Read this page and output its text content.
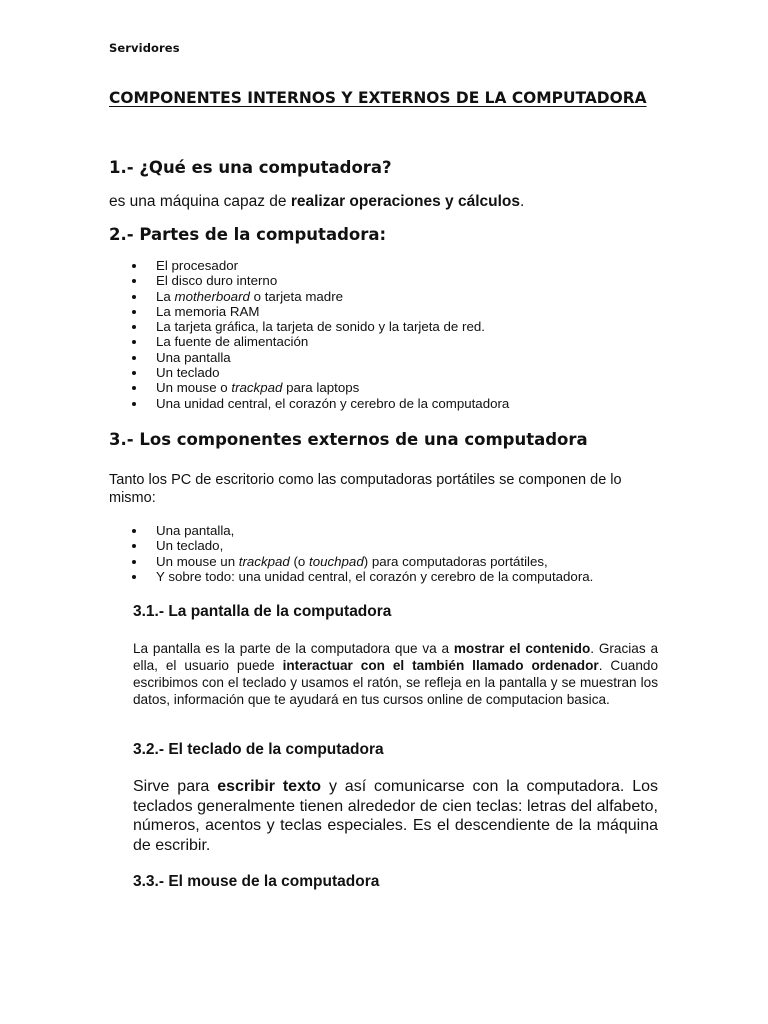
Servidores
COMPONENTES INTERNOS Y EXTERNOS DE LA COMPUTADORA
1.- ¿Qué es una computadora?
es una máquina capaz de realizar operaciones y cálculos.
2.- Partes de la computadora:
El procesador
El disco duro interno
La motherboard o tarjeta madre
La memoria RAM
La tarjeta gráfica, la tarjeta de sonido y la tarjeta de red.
La fuente de alimentación
Una pantalla
Un teclado
Un mouse o trackpad para laptops
Una unidad central, el corazón y cerebro de la computadora
3.- Los componentes externos de una computadora
Tanto los PC de escritorio como las computadoras portátiles se componen de lo mismo:
Una pantalla,
Un teclado,
Un mouse un trackpad (o touchpad) para computadoras portátiles,
Y sobre todo: una unidad central, el corazón y cerebro de la computadora.
3.1.- La pantalla de la computadora
La pantalla es la parte de la computadora que va a mostrar el contenido. Gracias a ella, el usuario puede interactuar con el también llamado ordenador. Cuando escribimos con el teclado y usamos el ratón, se refleja en la pantalla y se muestran los datos, información que te ayudará en tus cursos online de computacion basica.
3.2.- El teclado de la computadora
Sirve para escribir texto y así comunicarse con la computadora. Los teclados generalmente tienen alrededor de cien teclas: letras del alfabeto, números, acentos y teclas especiales. Es el descendiente de la máquina de escribir.
3.3.- El mouse de la computadora
